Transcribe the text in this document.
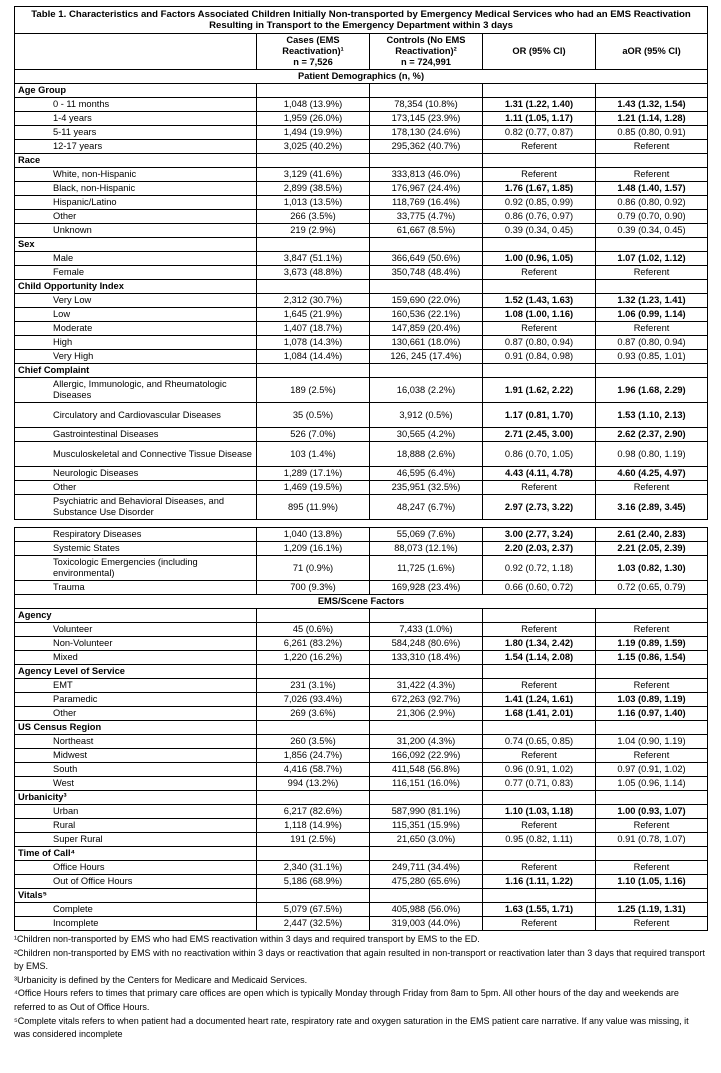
Table 1. Characteristics and Factors Associated Children Initially Non-transported by Emergency Medical Services who had an EMS Reactivation Resulting in Transport to the Emergency Department within 3 days				
	Cases (EMS
Reactivation)¹
n = 7,526	Controls (No EMS
Reactivation)²
n = 724,991	OR (95% CI)	aOR (95% CI)
Patient Demographics (n, %)				
Age Group				
0 - 11 months	1,048 (13.9%)	78,354 (10.8%)	1.31 (1.22, 1.40)	1.43 (1.32, 1.54)
1-4 years	1,959 (26.0%)	173,145 (23.9%)	1.11 (1.05, 1.17)	1.21 (1.14, 1.28)
5-11 years	1,494 (19.9%)	178,130 (24.6%)	0.82 (0.77, 0.87)	0.85 (0.80, 0.91)
12-17 years	3,025 (40.2%)	295,362 (40.7%)	Referent	Referent
Race				
White, non-Hispanic	3,129 (41.6%)	333,813 (46.0%)	Referent	Referent
Black, non-Hispanic	2,899 (38.5%)	176,967 (24.4%)	1.76 (1.67, 1.85)	1.48 (1.40, 1.57)
Hispanic/Latino	1,013 (13.5%)	118,769 (16.4%)	0.92 (0.85, 0.99)	0.86 (0.80, 0.92)
Other	266 (3.5%)	33,775 (4.7%)	0.86 (0.76, 0.97)	0.79 (0.70, 0.90)
Unknown	219 (2.9%)	61,667 (8.5%)	0.39 (0.34, 0.45)	0.39 (0.34, 0.45)
Sex				
Male	3,847 (51.1%)	366,649 (50.6%)	1.00 (0.96, 1.05)	1.07 (1.02, 1.12)
Female	3,673 (48.8%)	350,748 (48.4%)	Referent	Referent
Child Opportunity Index				
Very Low	2,312 (30.7%)	159,690 (22.0%)	1.52 (1.43, 1.63)	1.32 (1.23, 1.41)
Low	1,645 (21.9%)	160,536 (22.1%)	1.08 (1.00, 1.16)	1.06 (0.99, 1.14)
Moderate	1,407 (18.7%)	147,859 (20.4%)	Referent	Referent
High	1,078 (14.3%)	130,661 (18.0%)	0.87 (0.80, 0.94)	0.87 (0.80, 0.94)
Very High	1,084 (14.4%)	126, 245 (17.4%)	0.91 (0.84, 0.98)	0.93 (0.85, 1.01)
Chief Complaint				
Allergic, Immunologic, and Rheumatologic Diseases	189 (2.5%)	16,038 (2.2%)	1.91 (1.62, 2.22)	1.96 (1.68, 2.29)
Circulatory and Cardiovascular Diseases	35 (0.5%)	3,912 (0.5%)	1.17 (0.81, 1.70)	1.53 (1.10, 2.13)
Gastrointestinal Diseases	526 (7.0%)	30,565 (4.2%)	2.71 (2.45, 3.00)	2.62 (2.37, 2.90)
Musculoskeletal and Connective Tissue Disease	103 (1.4%)	18,888 (2.6%)	0.86 (0.70, 1.05)	0.98 (0.80, 1.19)
Neurologic Diseases	1,289 (17.1%)	46,595 (6.4%)	4.43 (4.11, 4.78)	4.60 (4.25, 4.97)
Other	1,469 (19.5%)	235,951 (32.5%)	Referent	Referent
Psychiatric and Behavioral Diseases, and Substance Use Disorder	895 (11.9%)	48,247 (6.7%)	2.97 (2.73, 3.22)	3.16 (2.89, 3.45)
Respiratory Diseases	1,040 (13.8%)	55,069 (7.6%)	3.00 (2.77, 3.24)	2.61 (2.40, 2.83)
Systemic States	1,209 (16.1%)	88,073 (12.1%)	2.20 (2.03, 2.37)	2.21 (2.05, 2.39)
Toxicologic Emergencies (including environmental)	71 (0.9%)	11,725 (1.6%)	0.92 (0.72, 1.18)	1.03 (0.82, 1.30)
Trauma	700 (9.3%)	169,928 (23.4%)	0.66 (0.60, 0.72)	0.72 (0.65, 0.79)
EMS/Scene Factors				
Agency				
Volunteer	45 (0.6%)	7,433 (1.0%)	Referent	Referent
Non-Volunteer	6,261 (83.2%)	584,248 (80.6%)	1.80 (1.34, 2.42)	1.19 (0.89, 1.59)
Mixed	1,220 (16.2%)	133,310 (18.4%)	1.54 (1.14, 2.08)	1.15 (0.86, 1.54)
Agency Level of Service				
EMT	231 (3.1%)	31,422 (4.3%)	Referent	Referent
Paramedic	7,026 (93.4%)	672,263 (92.7%)	1.41 (1.24, 1.61)	1.03 (0.89, 1.19)
Other	269 (3.6%)	21,306 (2.9%)	1.68 (1.41, 2.01)	1.16 (0.97, 1.40)
US Census Region				
Northeast	260 (3.5%)	31,200 (4.3%)	0.74 (0.65, 0.85)	1.04 (0.90, 1.19)
Midwest	1,856 (24.7%)	166,092 (22.9%)	Referent	Referent
South	4,416 (58.7%)	411,548 (56.8%)	0.96 (0.91, 1.02)	0.97 (0.91, 1.02)
West	994 (13.2%)	116,151 (16.0%)	0.77 (0.71, 0.83)	1.05 (0.96, 1.14)
Urbanicity³				
Urban	6,217 (82.6%)	587,990 (81.1%)	1.10 (1.03, 1.18)	1.00 (0.93, 1.07)
Rural	1,118 (14.9%)	115,351 (15.9%)	Referent	Referent
Super Rural	191 (2.5%)	21,650 (3.0%)	0.95 (0.82, 1.11)	0.91 (0.78, 1.07)
Time of Call⁴				
Office Hours	2,340 (31.1%)	249,711 (34.4%)	Referent	Referent
Out of Office Hours	5,186 (68.9%)	475,280 (65.6%)	1.16 (1.11, 1.22)	1.10 (1.05, 1.16)
Vitals⁵				
Complete	5,079 (67.5%)	405,988 (56.0%)	1.63 (1.55, 1.71)	1.25 (1.19, 1.31)
Incomplete	2,447 (32.5%)	319,003 (44.0%)	Referent	Referent

¹Children non-transported by EMS who had EMS reactivation within 3 days and required transport by EMS to the ED.

²Children non-transported by EMS with no reactivation within 3 days or reactivation that again resulted in non-transport or reactivation later than 3 days that required transport by EMS.

³Urbanicity is defined by the Centers for Medicare and Medicaid Services.

⁴Office Hours refers to times that primary care offices are open which is typically Monday through Friday from 8am to 5pm. All other hours of the day and weekends are referred to as Out of Office Hours.

⁵Complete vitals refers to when patient had a documented heart rate, respiratory rate and oxygen saturation in the EMS patient care narrative. If any value was missing, it was considered incomplete
